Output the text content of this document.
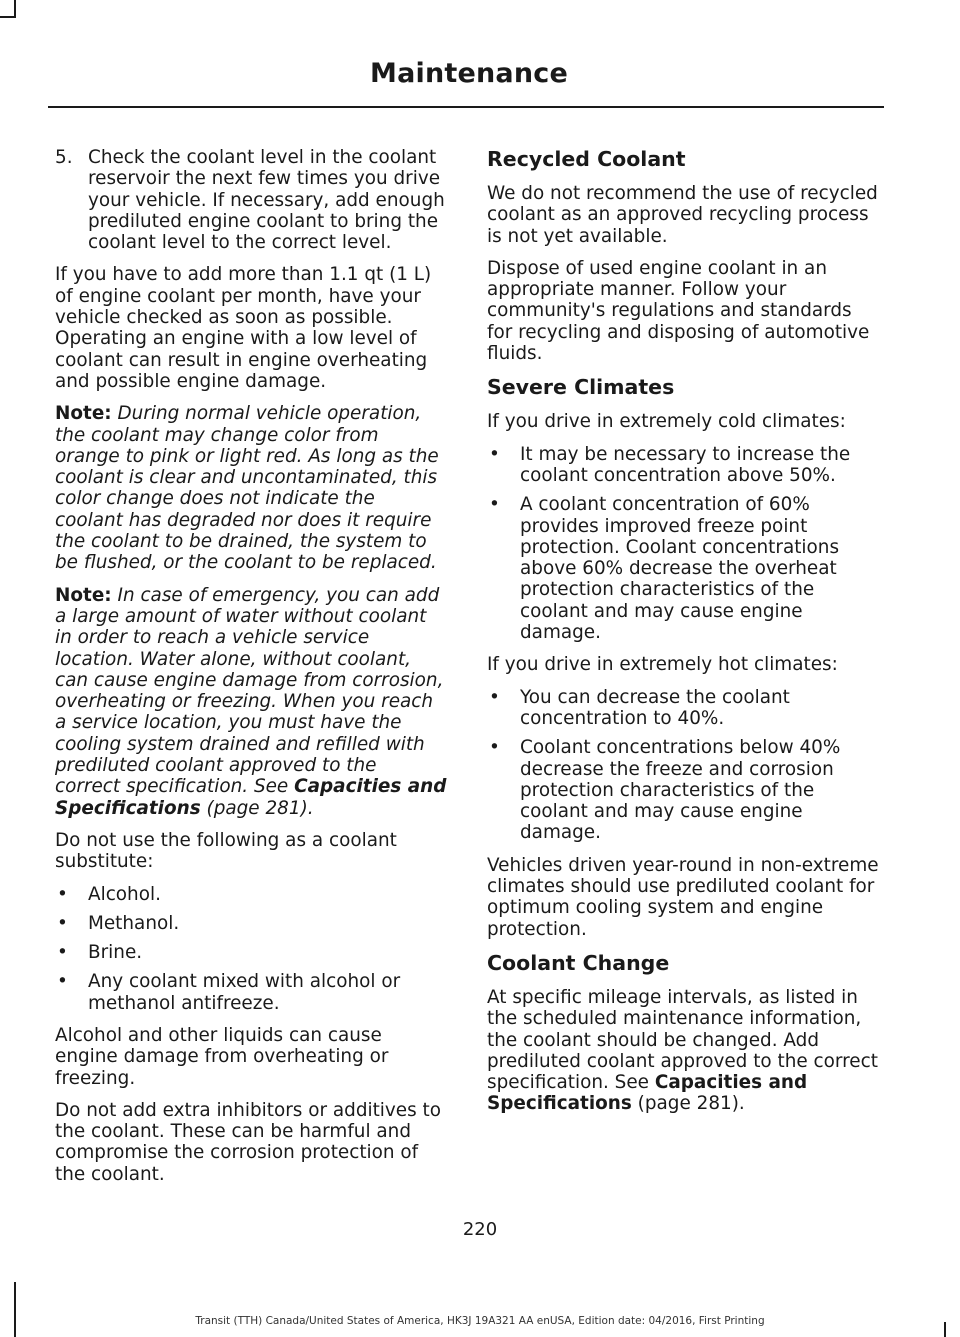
Maintenance
5. Check the coolant level in the coolant reservoir the next few times you drive your vehicle. If necessary, add enough prediluted engine coolant to bring the coolant level to the correct level.

If you have to add more than 1.1 qt (1 L) of engine coolant per month, have your vehicle checked as soon as possible. Operating an engine with a low level of coolant can result in engine overheating and possible engine damage.

Note: During normal vehicle operation, the coolant may change color from orange to pink or light red. As long as the coolant is clear and uncontaminated, this color change does not indicate the coolant has degraded nor does it require the coolant to be drained, the system to be flushed, or the coolant to be replaced.

Note: In case of emergency, you can add a large amount of water without coolant in order to reach a vehicle service location. Water alone, without coolant, can cause engine damage from corrosion, overheating or freezing. When you reach a service location, you must have the cooling system drained and refilled with prediluted coolant approved to the correct specification. See Capacities and Specifications (page 281).

Do not use the following as a coolant substitute:

• Alcohol.
• Methanol.
• Brine.
• Any coolant mixed with alcohol or methanol antifreeze.

Alcohol and other liquids can cause engine damage from overheating or freezing.

Do not add extra inhibitors or additives to the coolant. These can be harmful and compromise the corrosion protection of the coolant.

Recycled Coolant

We do not recommend the use of recycled coolant as an approved recycling process is not yet available.

Dispose of used engine coolant in an appropriate manner. Follow your community's regulations and standards for recycling and disposing of automotive fluids.

Severe Climates

If you drive in extremely cold climates:

• It may be necessary to increase the coolant concentration above 50%.
• A coolant concentration of 60% provides improved freeze point protection. Coolant concentrations above 60% decrease the overheat protection characteristics of the coolant and may cause engine damage.

If you drive in extremely hot climates:

• You can decrease the coolant concentration to 40%.
• Coolant concentrations below 40% decrease the freeze and corrosion protection characteristics of the coolant and may cause engine damage.

Vehicles driven year-round in non-extreme climates should use prediluted coolant for optimum cooling system and engine protection.

Coolant Change

At specific mileage intervals, as listed in the scheduled maintenance information, the coolant should be changed. Add prediluted coolant approved to the correct specification. See Capacities and Specifications (page 281).

220
Transit (TTH) Canada/United States of America, HK3J 19A321 AA enUSA, Edition date: 04/2016, First Printing
